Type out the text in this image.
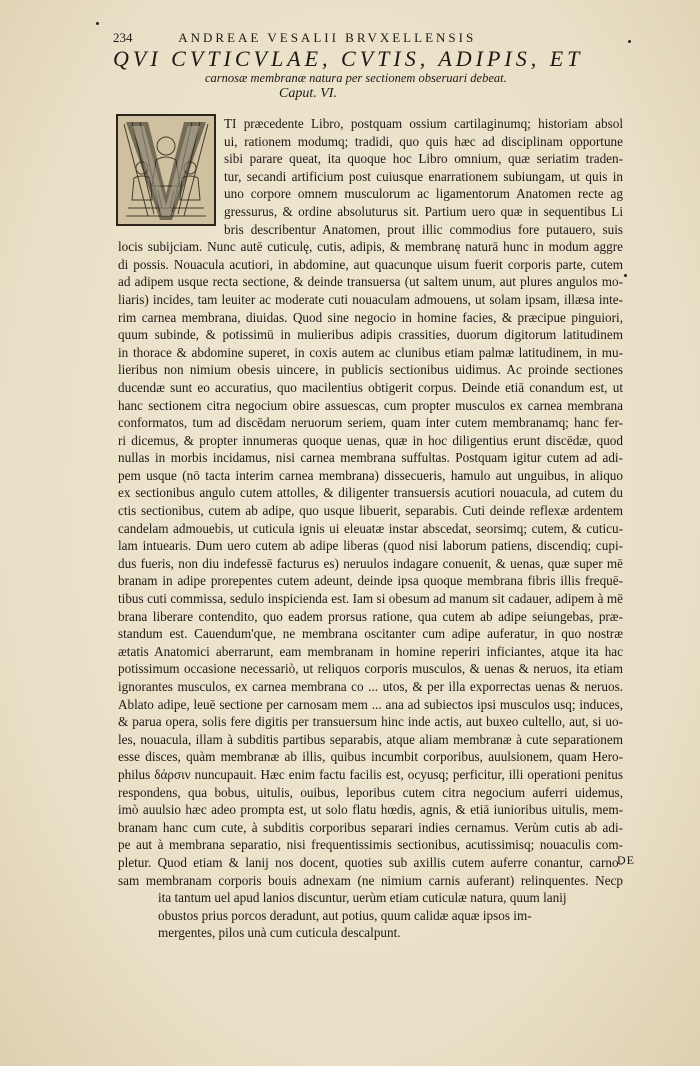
234	ANDREAE VESALII BRVXELLENSIS
QVI CVTICVLAE, CVTIS, ADIPIS, ET
carnosæ membranæ natura per sectionem obseruari debeat.
Caput. VI.
TI præcedente Libro, postquam ossium cartilaginumq; historiam absol
ui, rationem modumq; tradidi, quo quis hæc ad disciplinam opportune
sibi parare queat, ita quoque hoc Libro omnium, quæ seriatim traden-
tur, secandi artificium post cuiusque enarrationem subiungam, ut quis in
uno corpore omnem musculorum ac ligamentorum Anatomen recte ag
gressurus, & ordine absoluturus sit. Partium uero quæ in sequentibus Li
bris describentur Anatomen, prout illic commodius fore putauero, suis
locis subijciam. Nunc autē cuticulę, cutis, adipis, & membranę naturā hunc in modum aggre
di possis. Nouacula acutiori, in abdomine, aut quacunque uisum fuerit corporis parte, cutem
ad adipem usque recta sectione, & deinde transuersa (ut saltem unum, aut plures angulos mo-
liaris) incides, tam leuiter ac moderate cuti nouaculam admouens, ut solam ipsam, illæsa inte-
rim carnea membrana, diuidas. Quod sine negocio in homine facies, & præcipue pinguiori,
quum subinde, & potissimū in mulieribus adipis crassities, duorum digitorum latitudinem
in thorace & abdomine superet, in coxis autem ac clunibus etiam palmæ latitudinem, in mu-
lieribus non nimium obesis uincere, in publicis sectionibus uidimus. Ac proinde sectiones
ducendæ sunt eo accuratius, quo macilentius obtigerit corpus. Deinde etiā conandum est, ut
hanc sectionem citra negocium obire assuescas, cum propter musculos ex carnea membrana
conformatos, tum ad discēdam neruorum seriem, quam inter cutem membranamq; hanc fer-
ri dicemus, & propter innumeras quoque uenas, quæ in hoc diligentius erunt discēdæ, quod
nullas in morbis incidamus, nisi carnea membrana suffultas. Postquam igitur cutem ad adi-
pem usque (nō tacta interim carnea membrana) dissecueris, hamulo aut unguibus, in aliquo
ex sectionibus angulo cutem attolles, & diligenter transuersis acutiori nouacula, ad cutem du
ctis sectionibus, cutem ab adipe, quo usque libuerit, separabis. Cuti deinde reflexæ ardentem
candelam admouebis, ut cuticula ignis ui eleuatæ instar abscedat, seorsimq; cutem, & cuticu-
lam intuearis. Dum uero cutem ab adipe liberas (quod nisi laborum patiens, discendiq; cupi-
dus fueris, non diu indefessē facturus es) neruulos indagare conuenit, & uenas, quæ super mē
branam in adipe prorepentes cutem adeunt, deinde ipsa quoque membrana fibris illis frequē-
tibus cuti commissa, sedulo inspicienda est. Iam si obesum ad manum sit cadauer, adipem à mē
brana liberare contendito, quo eadem prorsus ratione, qua cutem ab adipe seiungebas, præ-
standum est. Cauendum'que, ne membrana oscitanter cum adipe auferatur, in quo nostræ
ætatis Anatomici aberrarunt, eam membranam in homine reperiri inficiantes, atque ita hac
potissimum occasione necessariò, ut reliquos corporis musculos, & uenas & neruos, ita etiam
ignorantes musculos, ex carnea membrana co ... utos, & per illa exporrectas uenas & neruos.
Ablato adipe, leuē sectione per carnosam mem ... ana ad subiectos ipsi musculos usq; induces,
& parua opera, solis fere digitis per transuersum hinc inde actis, aut buxeo cultello, aut, si uo-
les, nouacula, illam à subditis partibus separabis, atque aliam membranæ à cute separationem
esse disces, quàm membranæ ab illis, quibus incumbit corporibus, auulsionem, quam Hero-
philus δάρσιν nuncupauit. Hæc enim factu facilis est, ocyusq; perficitur, illi operationi penitus
respondens, qua bobus, uitulis, ouibus, leporibus cutem citra negocium auferri uidemus,
imò auulsio hæc adeo prompta est, ut solo flatu hœdis, agnis, & etiā iunioribus uitulis, mem-
branam hanc cum cute, à subditis corporibus separari indies cernamus. Verùm cutis ab adi-
pe aut à membrana separatio, nisi frequentissimis sectionibus, acutissimisq; nouaculis com-
pletur. Quod etiam & lanij nos docent, quoties sub axillis cutem auferre conantur, carno-
sam membranam corporis bouis adnexam (ne nimium carnis auferant) relinquentes. Necp
ita tantum uel apud lanios discuntur, uerùm etiam cuticulæ natura, quum lanij
obustos prius porcos deradunt, aut potius, quum calidæ aquæ ipsos im-
mergentes, pilos unà cum cuticula descalpunt.
DE
